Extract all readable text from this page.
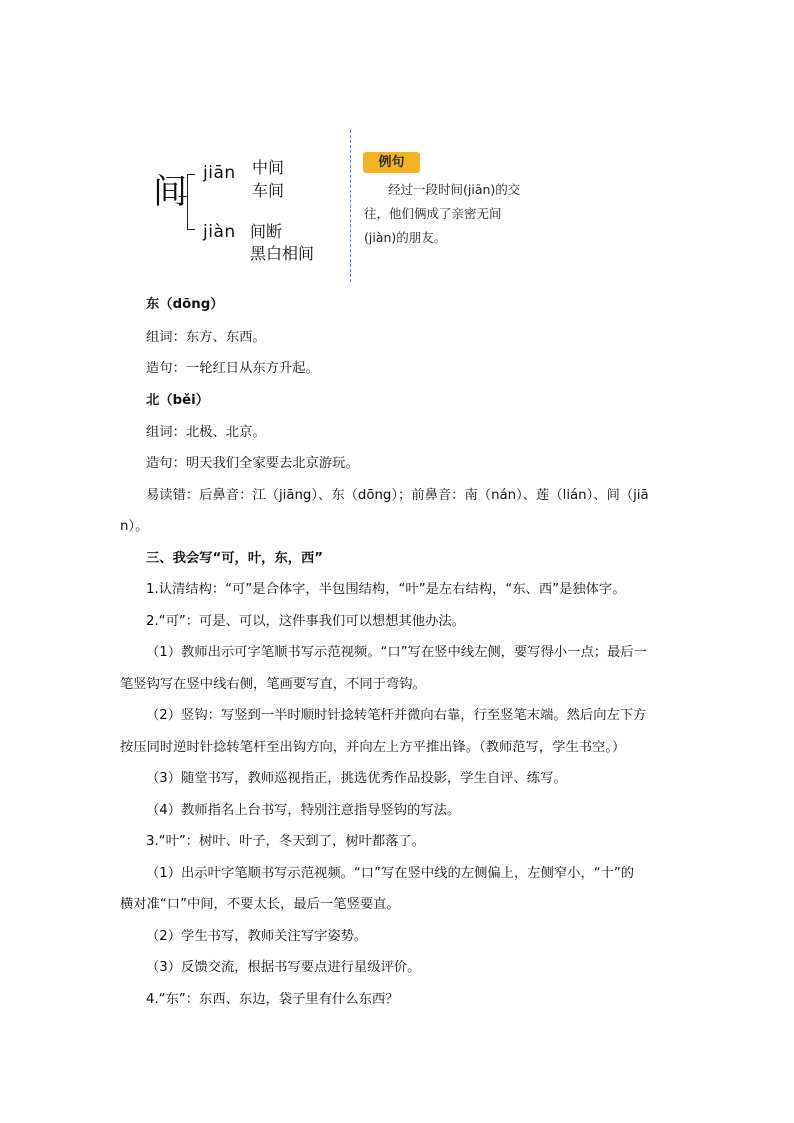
间 jiān 中间
车间
jiàn 间断
黑白相间
例句
经过一段时间(jiān)的交
往，他们俩成了亲密无间
(jiàn)的朋友。
东（dōng）
组词：东方、东西。
造句：一轮红日从东方升起。
北（běi）
组词：北极、北京。
造句：明天我们全家要去北京游玩。
易读错：后鼻音：江（jiāng）、东（dōng）；前鼻音：南（nán）、莲（lián）、间（jiā
n）。
三、我会写“可，叶，东，西”
1.认清结构：“可”是合体字，半包围结构，“叶”是左右结构，“东、西”是独体字。
2.“可”：可是、可以，这件事我们可以想想其他办法。
（1）教师出示可字笔顺书写示范视频。“口”写在竖中线左侧，要写得小一点；最后一
笔竖钩写在竖中线右侧，笔画要写直，不同于弯钩。
（2）竖钩：写竖到一半时顺时针捻转笔杆并微向右靠，行至竖笔末端。然后向左下方
按压同时逆时针捻转笔杆至出钩方向，并向左上方平推出锋。（教师范写，学生书空。）
（3）随堂书写，教师巡视指正，挑选优秀作品投影，学生自评、练写。
（4）教师指名上台书写，特别注意指导竖钩的写法。
3.“叶”：树叶、叶子，冬天到了，树叶都落了。
（1）出示叶字笔顺书写示范视频。“口”写在竖中线的左侧偏上，左侧窄小，“十”的
横对准“口”中间，不要太长，最后一笔竖要直。
（2）学生书写，教师关注写字姿势。
（3）反馈交流，根据书写要点进行星级评价。
4.“东”：东西、东边，袋子里有什么东西？
